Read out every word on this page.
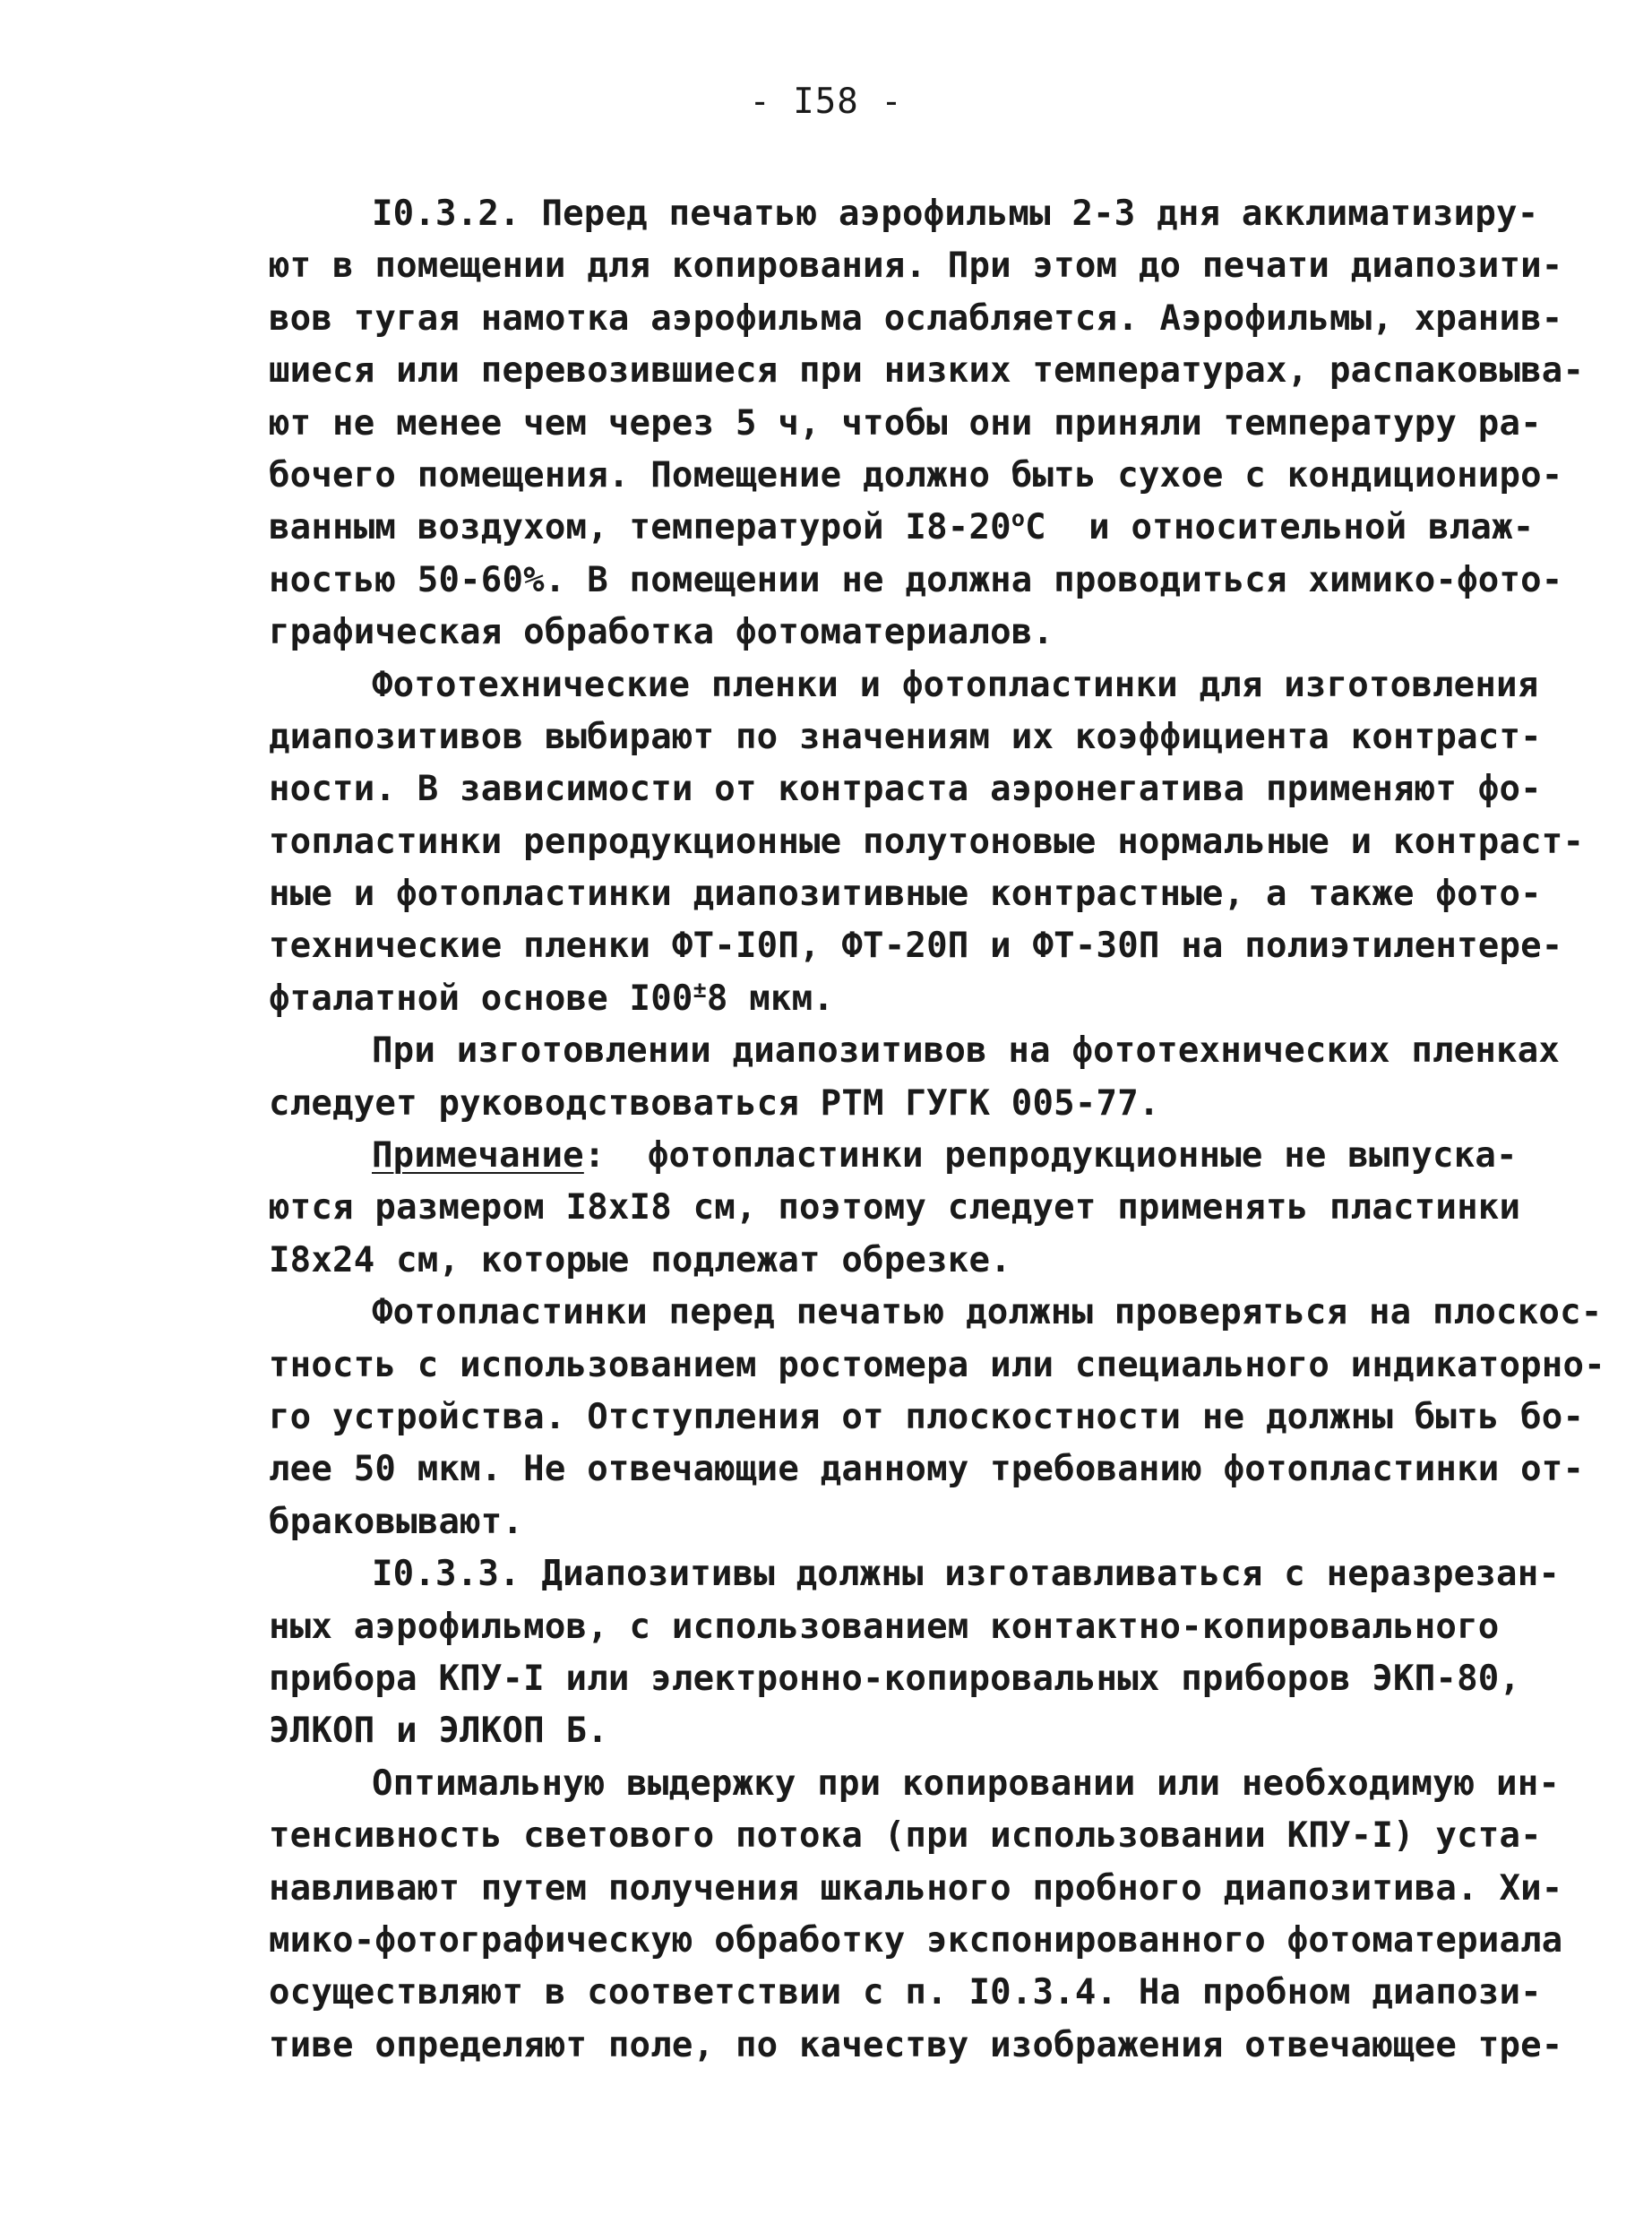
- I58 -
I0.3.2. Перед печатью аэрофильмы 2-3 дня акклиматизиру-
ют в помещении для копирования. При этом до печати диапозити-
вов тугая намотка аэрофильма ослабляется. Аэрофильмы, хранив-
шиеся или перевозившиеся при низких температурах, распаковыва-
ют не менее чем через 5 ч, чтобы они приняли температуру ра-
бочего помещения. Помещение должно быть сухое с кондициониро-
ванным воздухом, температурой I8-20$^o$С  и относительной влаж-
ностью 50-60%. В помещении не должна проводиться химико-фото-
графическая обработка фотоматериалов.
Фототехнические пленки и фотопластинки для изготовления
диапозитивов выбирают по значениям их коэффициента контраст-
ности. В зависимости от контраста аэронегатива применяют фо-
топластинки репродукционные полутоновые нормальные и контраст-
ные и фотопластинки диапозитивные контрастные, а также фото-
технические пленки ФТ-I0П, ФТ-20П и ФТ-30П на полиэтилентере-
фталатной основе I00±8 мкм.
При изготовлении диапозитивов на фототехнических пленках
следует руководствоваться РТМ ГУГК 005-77.
Примечание:  фотопластинки репродукционные не выпуска-
ются размером I8xI8 см, поэтому следует применять пластинки
I8x24 см, которые подлежат обрезке.
Фотопластинки перед печатью должны проверяться на плоскос-
тность с использованием ростомера или специального индикаторно-
го устройства. Отступления от плоскостности не должны быть бо-
лее 50 мкм. Не отвечающие данному требованию фотопластинки от-
браковывают.
I0.3.3. Диапозитивы должны изготавливаться с неразрезан-
ных аэрофильмов, с использованием контактно-копировального
прибора КПУ-I или электронно-копировальных приборов ЭКП-80,
ЭЛКОП и ЭЛКОП Б.
Оптимальную выдержку при копировании или необходимую ин-
тенсивность светового потока (при использовании КПУ-I) уста-
навливают путем получения шкального пробного диапозитива. Хи-
мико-фотографическую обработку экспонированного фотоматериала
осуществляют в соответствии с п. I0.3.4. На пробном диапози-
тиве определяют поле, по качеству изображения отвечающее тре-
